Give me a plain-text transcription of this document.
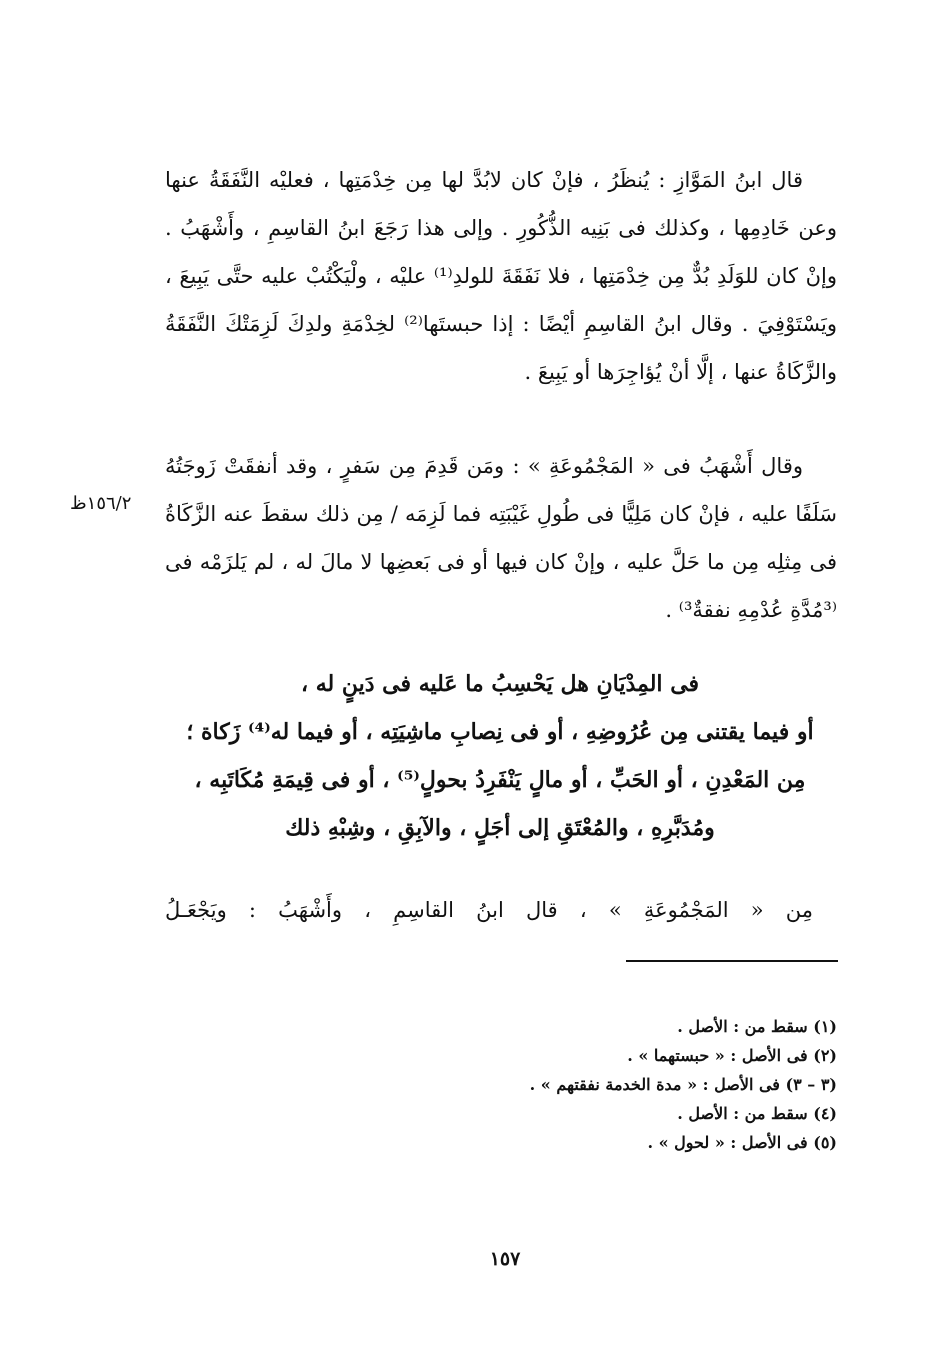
قال ابنُ المَوَّازِ : يُنظَرُ ، فإنْ كان لابُدَّ لها مِن خِدْمَتِها ، فعليْه النَّفَقَةُ عنها وعن خَادِمِها ، وكذلك فى بَنِيه الذُّكُورِ . وإلى هذا رَجَعَ ابنُ القاسِمِ ، وأَشْهَبُ . وإنْ كان للوَلَدِ بُدٌّ مِن خِدْمَتِها ، فلا نَفَقَةَ للولدِ⁽¹⁾ عليْه ، ولْيَكْتُبْ عليه حتَّى يَبِيعَ ، ويَسْتَوْفِيَ . وقال ابنُ القاسِمِ أيْضًا : إذا حبستَها⁽²⁾ لخِدْمَةِ ولدِكَ لَزِمَتْكَ النَّفَقَةُ والزَّكَاةُ عنها ، إلَّا أنْ يُؤاجِرَها أو يَبِيعَ .

وقال أَشْهَبُ فى « المَجْمُوعَةِ » : ومَن قَدِمَ مِن سَفرٍ ، وقد أنفقَتْ زَوجَتُهُ سَلَفًا عليه ، فإنْ كان مَلِيًّا فى طُولِ غَيْبَتِه فما لَزِمَه / مِن ذلك سقطَ عنه الزَّكَاةُ فى مِثلِه مِن ما حَلَّ عليه ، وإنْ كان فيها أو فى بَعضِها لا مالَ له ، لم يَلزَمْه فى ⁽³مُدَّةِ عُدْمِهِ نفقةٌ³⁾ .

١٥٦/٢ظ
فى المِدْيَانِ هل يَحْسِبُ ما عَليه فى دَينٍ له ،
أو فيما يقتنى مِن عُرُوضِهِ ، أو فى نِصابِ ماشِيَتِه ، أو فيما له⁽⁴⁾ زَكاة ؛
مِن المَعْدِنِ ، أو الحَبِّ ، أو مالٍ يَنْفَرِدُ بحولٍ⁽⁵⁾ ، أو فى قِيمَةِ مُكَاتَبِه ،
ومُدَبَّرِهِ ، والمُعْتَقِ إلى أجَلٍ ، والآبِقِ ، وشِبْهِ ذلك

مِن « المَجْمُوعَةِ » ، قال ابنُ القاسِمِ ، وأَشْهَبُ : ويَجْعَـلُ

(١) سقط من : الأصل .
(٢) فى الأصل : « حبستهما » .
(٣ – ٣) فى الأصل : « مدة الخدمة نفقتهم » .
(٤) سقط من : الأصل .
(٥) فى الأصل : « لحول » .
١٥٧
